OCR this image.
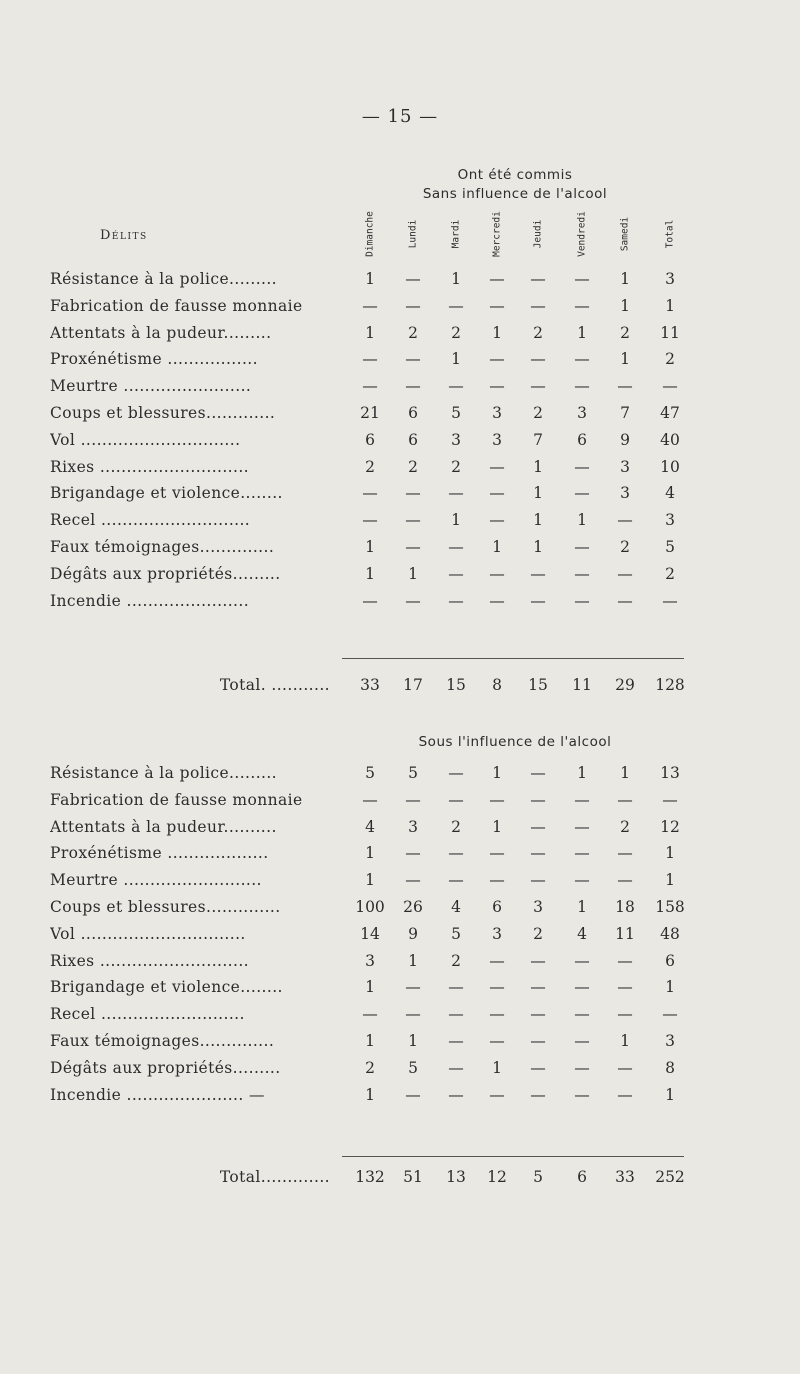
— 15 —
Ont été commis
Sans influence de l'alcool
Délits	Dimanche	Lundi	Mardi	Mercredi	Jeudi	Vendredi	Samedi	Total
Résistance à la police.........	1	—	1	—	—	—	1	3
Fabrication de fausse monnaie	—	—	—	—	—	—	1	1
Attentats à la pudeur.........	1	2	2	1	2	1	2	11
Proxénétisme .................	—	—	1	—	—	—	1	2
Meurtre ........................	—	—	—	—	—	—	—	—
Coups et blessures.............	21	6	5	3	2	3	7	47
Vol ..............................	6	6	3	3	7	6	9	40
Rixes ............................	2	2	2	—	1	—	3	10
Brigandage et violence........	—	—	—	—	1	—	3	4
Recel ............................	—	—	1	—	1	1	—	3
Faux témoignages..............	1	—	—	1	1	—	2	5
Dégâts aux propriétés.........	1	1	—	—	—	—	—	2
Incendie .......................	—	—	—	—	—	—	—	—
Total. ...........	33	17	15	8	15	11	29	128
Sous l'influence de l'alcool
Résistance à la police.........	5	5	—	1	—	1	1	13
Fabrication de fausse monnaie	—	—	—	—	—	—	—	—
Attentats à la pudeur..........	4	3	2	1	—	—	2	12
Proxénétisme ...................	1	—	—	—	—	—	—	1
Meurtre ..........................	1	—	—	—	—	—	—	1
Coups et blessures..............	100	26	4	6	3	1	18	158
Vol ...............................	14	9	5	3	2	4	11	48
Rixes ............................	3	1	2	—	—	—	—	6
Brigandage et violence........	1	—	—	—	—	—	—	1
Recel ...........................	—	—	—	—	—	—	—	—
Faux témoignages..............	1	1	—	—	—	—	1	3
Dégâts aux propriétés.........	2	5	—	1	—	—	—	8
Incendie ...................... —	1	—	—	—	—	—	—	1
Total.............	132	51	13	12	5	6	33	252
